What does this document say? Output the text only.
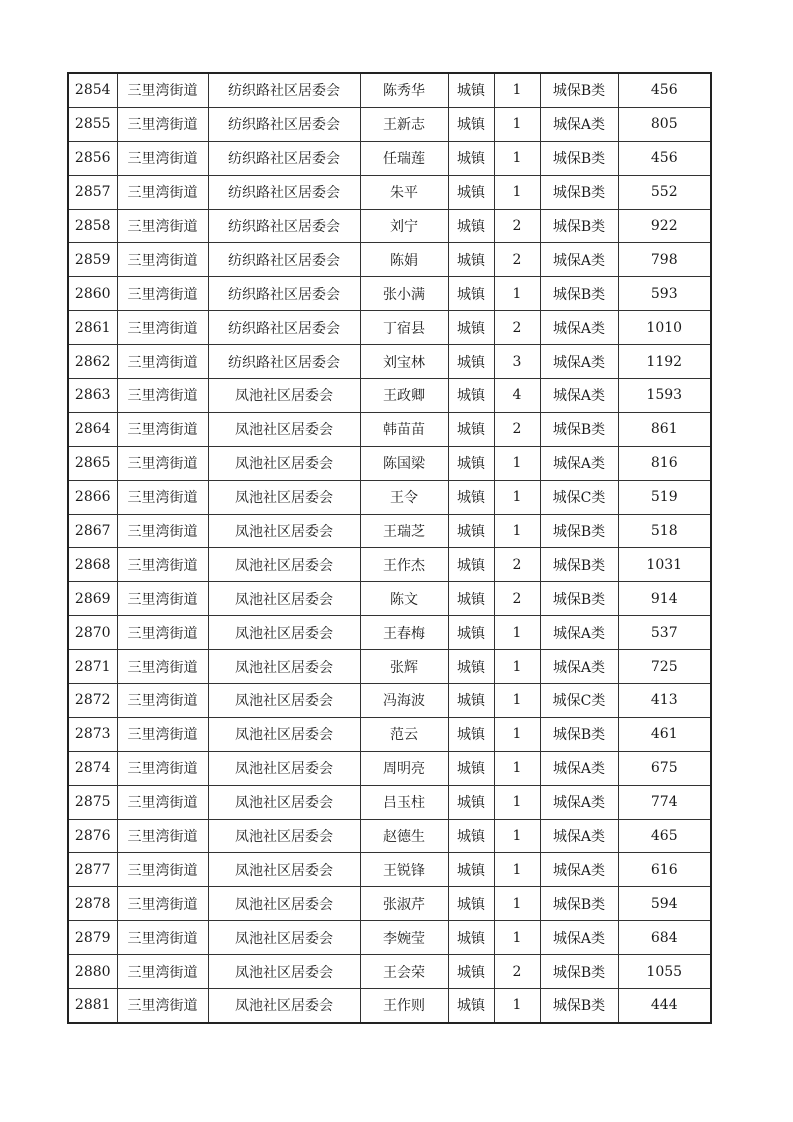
2854	三里湾街道	纺织路社区居委会	陈秀华	城镇	1	城保B类	456
2855	三里湾街道	纺织路社区居委会	王新志	城镇	1	城保A类	805
2856	三里湾街道	纺织路社区居委会	任瑞莲	城镇	1	城保B类	456
2857	三里湾街道	纺织路社区居委会	朱平	城镇	1	城保B类	552
2858	三里湾街道	纺织路社区居委会	刘宁	城镇	2	城保B类	922
2859	三里湾街道	纺织路社区居委会	陈娟	城镇	2	城保A类	798
2860	三里湾街道	纺织路社区居委会	张小满	城镇	1	城保B类	593
2861	三里湾街道	纺织路社区居委会	丁宿县	城镇	2	城保A类	1010
2862	三里湾街道	纺织路社区居委会	刘宝林	城镇	3	城保A类	1192
2863	三里湾街道	凤池社区居委会	王政卿	城镇	4	城保A类	1593
2864	三里湾街道	凤池社区居委会	韩苗苗	城镇	2	城保B类	861
2865	三里湾街道	凤池社区居委会	陈国梁	城镇	1	城保A类	816
2866	三里湾街道	凤池社区居委会	王令	城镇	1	城保C类	519
2867	三里湾街道	凤池社区居委会	王瑞芝	城镇	1	城保B类	518
2868	三里湾街道	凤池社区居委会	王作杰	城镇	2	城保B类	1031
2869	三里湾街道	凤池社区居委会	陈文	城镇	2	城保B类	914
2870	三里湾街道	凤池社区居委会	王春梅	城镇	1	城保A类	537
2871	三里湾街道	凤池社区居委会	张辉	城镇	1	城保A类	725
2872	三里湾街道	凤池社区居委会	冯海波	城镇	1	城保C类	413
2873	三里湾街道	凤池社区居委会	范云	城镇	1	城保B类	461
2874	三里湾街道	凤池社区居委会	周明亮	城镇	1	城保A类	675
2875	三里湾街道	凤池社区居委会	吕玉柱	城镇	1	城保A类	774
2876	三里湾街道	凤池社区居委会	赵德生	城镇	1	城保A类	465
2877	三里湾街道	凤池社区居委会	王锐锋	城镇	1	城保A类	616
2878	三里湾街道	凤池社区居委会	张淑芹	城镇	1	城保B类	594
2879	三里湾街道	凤池社区居委会	李婉莹	城镇	1	城保A类	684
2880	三里湾街道	凤池社区居委会	王会荣	城镇	2	城保B类	1055
2881	三里湾街道	凤池社区居委会	王作则	城镇	1	城保B类	444
